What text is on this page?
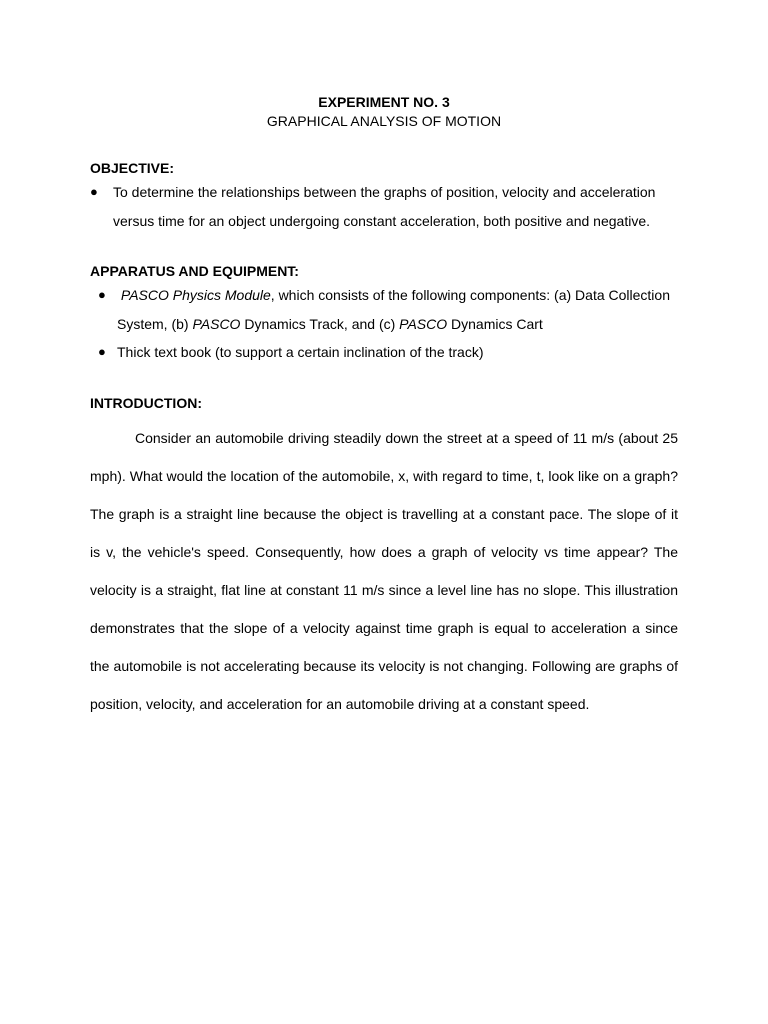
EXPERIMENT NO. 3
GRAPHICAL ANALYSIS OF MOTION

OBJECTIVE:

● To determine the relationships between the graphs of position, velocity and acceleration versus time for an object undergoing constant acceleration, both positive and negative.

APPARATUS AND EQUIPMENT:

● PASCO Physics Module, which consists of the following components: (a) Data Collection System, (b) PASCO Dynamics Track, and (c) PASCO Dynamics Cart
● Thick text book (to support a certain inclination of the track)

INTRODUCTION:

Consider an automobile driving steadily down the street at a speed of 11 m/s (about 25 mph). What would the location of the automobile, x, with regard to time, t, look like on a graph? The graph is a straight line because the object is travelling at a constant pace. The slope of it is v, the vehicle's speed. Consequently, how does a graph of velocity vs time appear? The velocity is a straight, flat line at constant 11 m/s since a level line has no slope. This illustration demonstrates that the slope of a velocity against time graph is equal to acceleration a since the automobile is not accelerating because its velocity is not changing. Following are graphs of position, velocity, and acceleration for an automobile driving at a constant speed.
